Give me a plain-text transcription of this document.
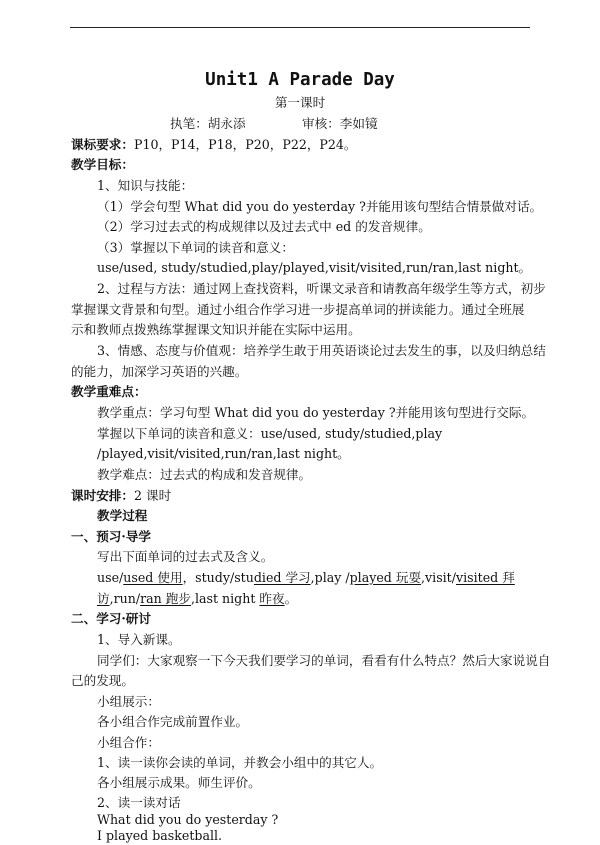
Unit1 A Parade Day
第一课时
执笔：胡永添	审核：李如镜
课标要求：P10，P14，P18，P20，P22，P24。
教学目标：
1、知识与技能：
（1）学会句型 What did you do yesterday ?并能用该句型结合情景做对话。
（2）学习过去式的构成规律以及过去式中 ed 的发音规律。
（3）掌握以下单词的读音和意义：
use/used, study/studied,play/played,visit/visited,run/ran,last night。
2、过程与方法：通过网上查找资料，听课文录音和请教高年级学生等方式，初步
掌握课文背景和句型。通过小组合作学习进一步提高单词的拼读能力。通过全班展
示和教师点拨熟练掌握课文知识并能在实际中运用。
3、情感、态度与价值观：培养学生敢于用英语谈论过去发生的事，以及归纳总结
的能力，加深学习英语的兴趣。
教学重难点：
教学重点：学习句型 What did you do yesterday ?并能用该句型进行交际。
掌握以下单词的读音和意义：use/used, study/studied,play
/played,visit/visited,run/ran,last night。
教学难点：过去式的构成和发音规律。
课时安排：2 课时
教学过程
一、预习·导学
写出下面单词的过去式及含义。
use/used 使用，study/studied 学习,play /played 玩耍,visit/visited 拜
访,run/ran 跑步,last night 昨夜。
二、学习·研讨
1、导入新课。
同学们：大家观察一下今天我们要学习的单词，看看有什么特点？然后大家说说自
己的发现。
小组展示：
各小组合作完成前置作业。
小组合作：
1、读一读你会读的单词，并教会小组中的其它人。
各小组展示成果。师生评价。
2、读一读对话
What did you do yesterday ?
I played basketball.
